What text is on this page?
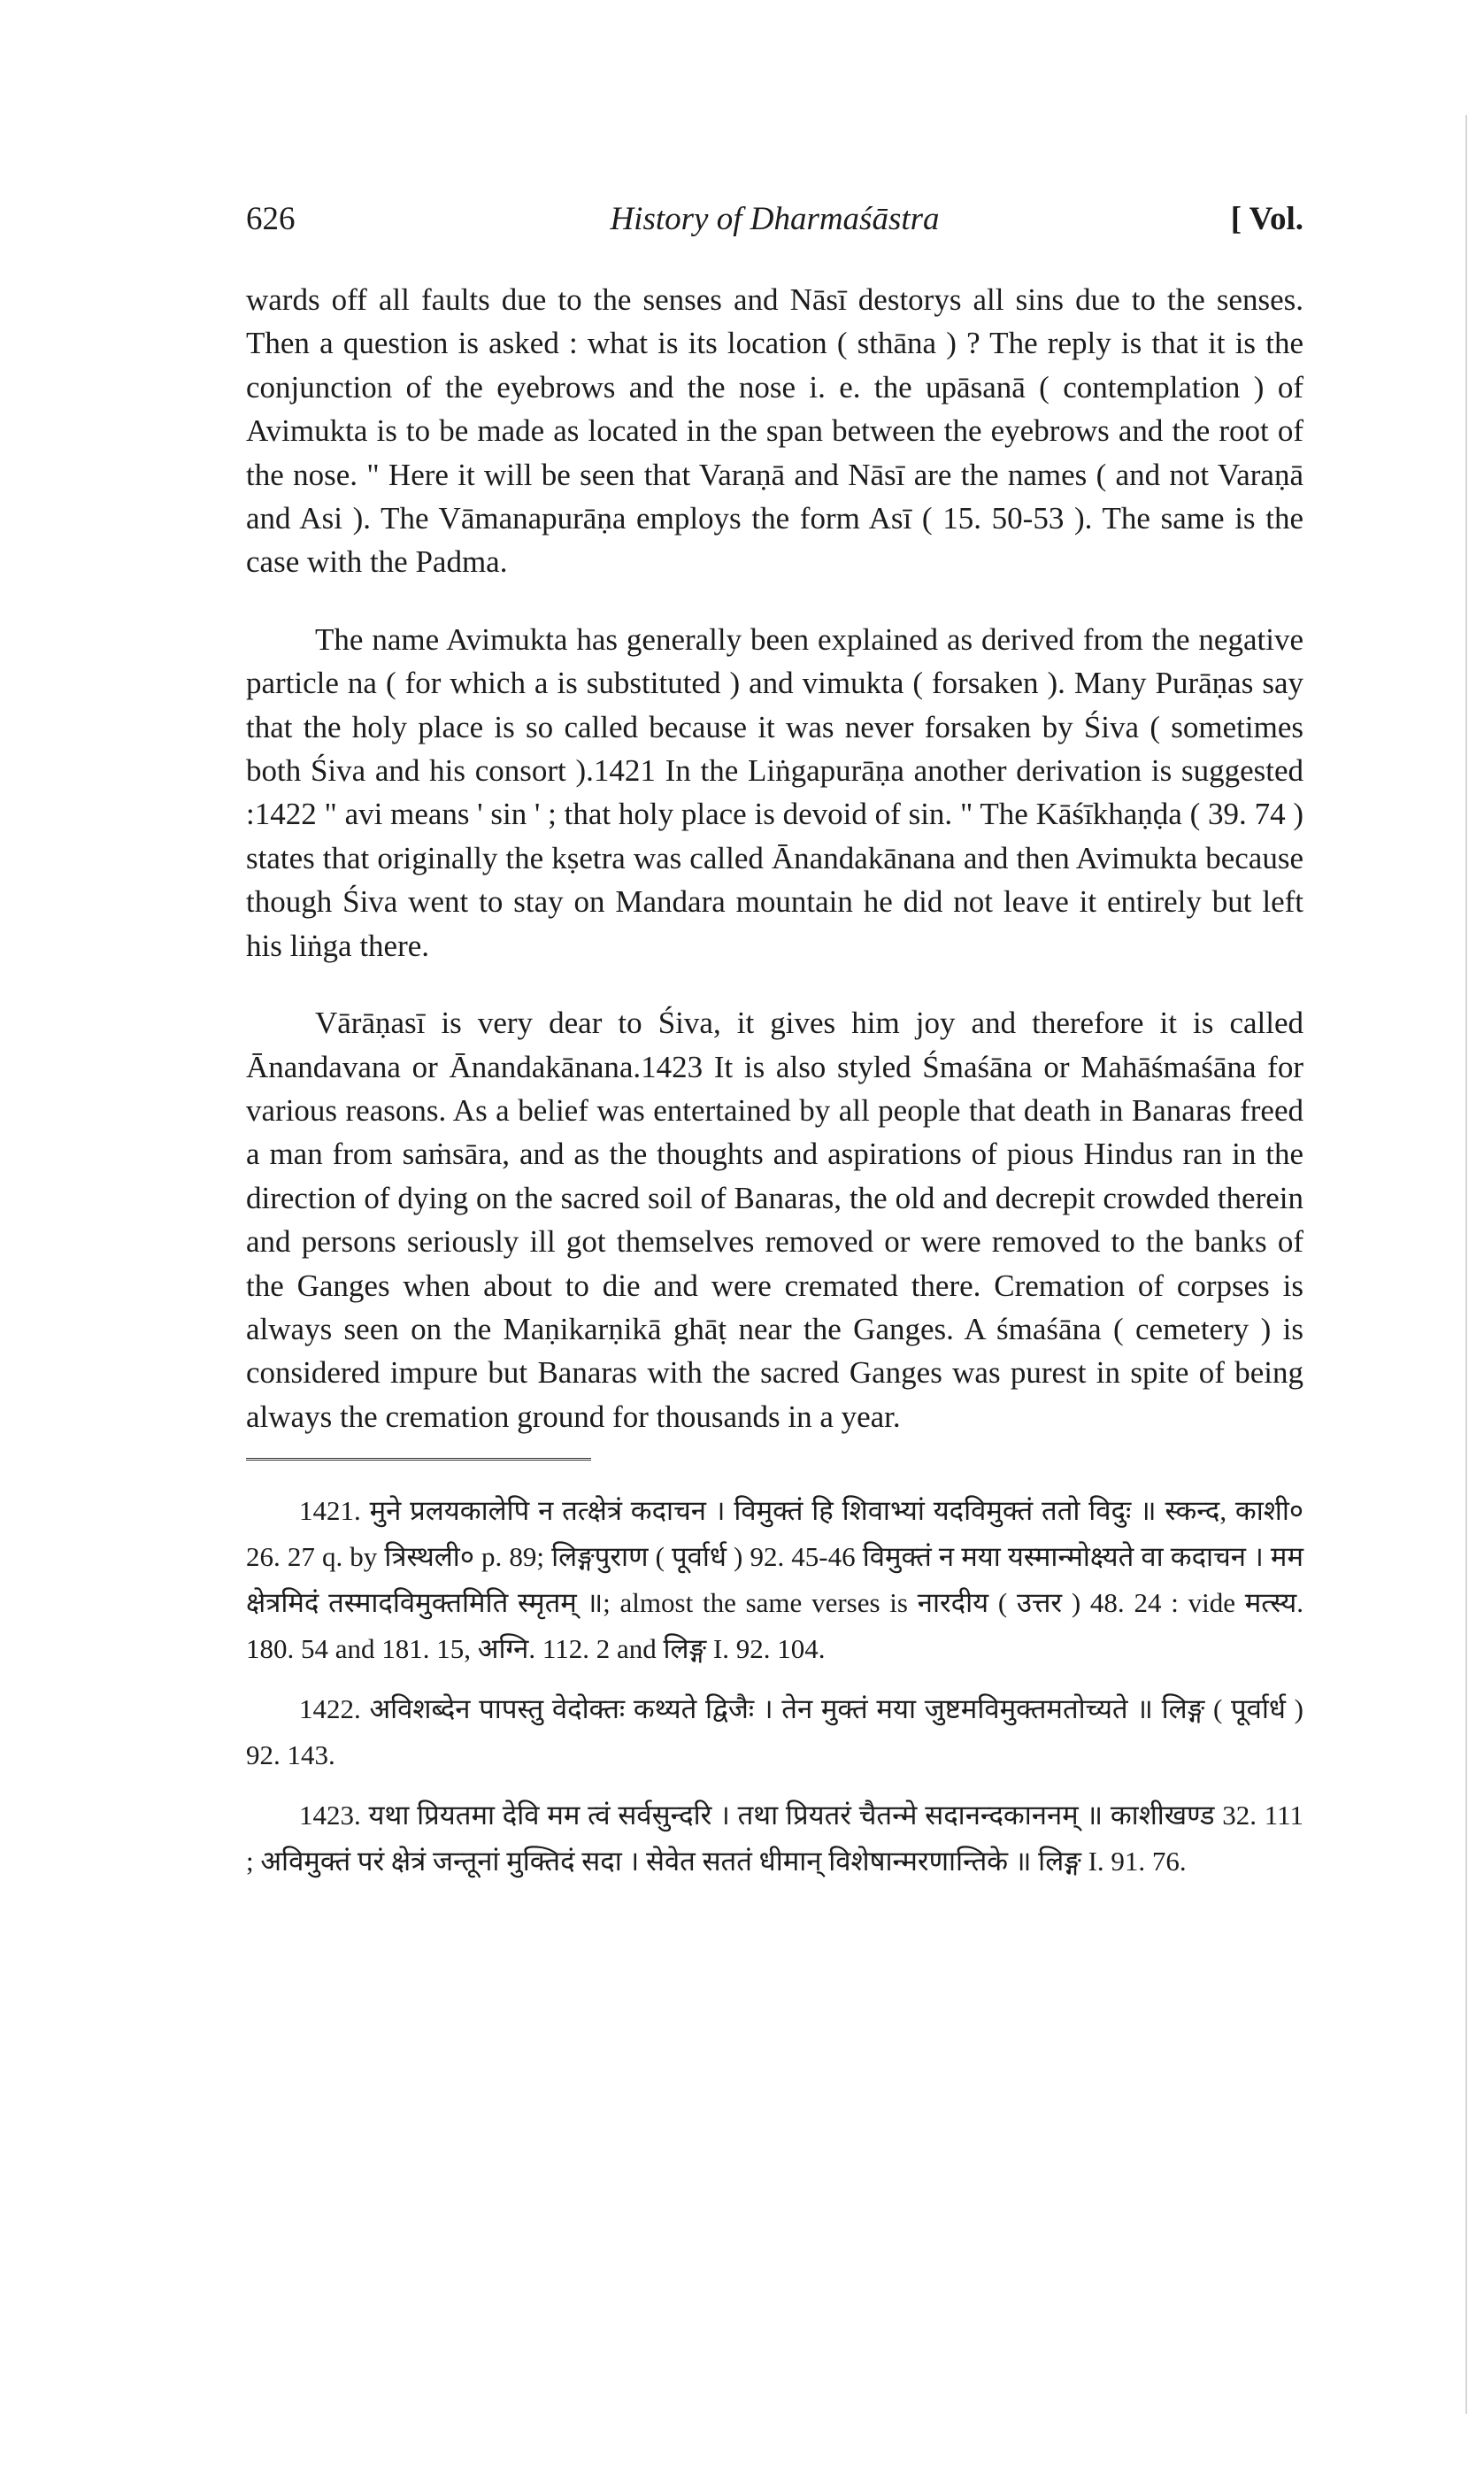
626	History of Dharmaśāstra	[ Vol.

wards off all faults due to the senses and Nāsī destorys all sins due to the senses. Then a question is asked : what is its location ( sthāna ) ? The reply is that it is the conjunction of the eyebrows and the nose i. e. the upāsanā ( contemplation ) of Avimukta is to be made as located in the span between the eyebrows and the root of the nose. " Here it will be seen that Varaṇā and Nāsī are the names ( and not Varaṇā and Asi ). The Vāmanapurāṇa employs the form Asī ( 15. 50-53 ). The same is the case with the Padma.

The name Avimukta has generally been explained as derived from the negative particle na ( for which a is substituted ) and vimukta ( forsaken ). Many Purāṇas say that the holy place is so called because it was never forsaken by Śiva ( sometimes both Śiva and his consort ).1421 In the Liṅgapurāṇa another derivation is suggested :1422 " avi means ' sin ' ; that holy place is devoid of sin. " The Kāśīkhaṇḍa ( 39. 74 ) states that originally the kṣetra was called Ānandakānana and then Avimukta because though Śiva went to stay on Mandara mountain he did not leave it entirely but left his liṅga there.

Vārāṇasī is very dear to Śiva, it gives him joy and therefore it is called Ānandavana or Ānandakānana.1423 It is also styled Śmaśāna or Mahāśmaśāna for various reasons. As a belief was entertained by all people that death in Banaras freed a man from saṁsāra, and as the thoughts and aspirations of pious Hindus ran in the direction of dying on the sacred soil of Banaras, the old and decrepit crowded therein and persons seriously ill got themselves removed or were removed to the banks of the Ganges when about to die and were cremated there. Cremation of corpses is always seen on the Maṇikarṇikā ghāṭ near the Ganges. A śmaśāna ( cemetery ) is considered impure but Banaras with the sacred Ganges was purest in spite of being always the cremation ground for thousands in a year.

1421. मुने प्रलयकालेपि न तत्क्षेत्रं कदाचन । विमुक्तं हि शिवाभ्यां यदविमुक्तं ततो विदुः ॥ स्कन्द, काशी० 26. 27 q. by त्रिस्थली० p. 89; लिङ्गपुराण ( पूर्वार्ध ) 92. 45-46 विमुक्तं न मया यस्मान्मोक्ष्यते वा कदाचन । मम क्षेत्रमिदं तस्मादविमुक्तमिति स्मृतम् ॥; almost the same verses is नारदीय ( उत्तर ) 48. 24 : vide मत्स्य. 180. 54 and 181. 15, अग्नि. 112. 2 and लिङ्ग I. 92. 104.

1422. अविशब्देन पापस्तु वेदोक्तः कथ्यते द्विजैः । तेन मुक्तं मया जुष्टमविमुक्तमतोच्यते ॥ लिङ्ग ( पूर्वार्ध ) 92. 143.

1423. यथा प्रियतमा देवि मम त्वं सर्वसुन्दरि । तथा प्रियतरं चैतन्मे सदानन्दकाननम् ॥ काशीखण्ड 32. 111 ; अविमुक्तं परं क्षेत्रं जन्तूनां मुक्तिदं सदा । सेवेत सततं धीमान् विशेषान्मरणान्तिके ॥ लिङ्ग I. 91. 76.
